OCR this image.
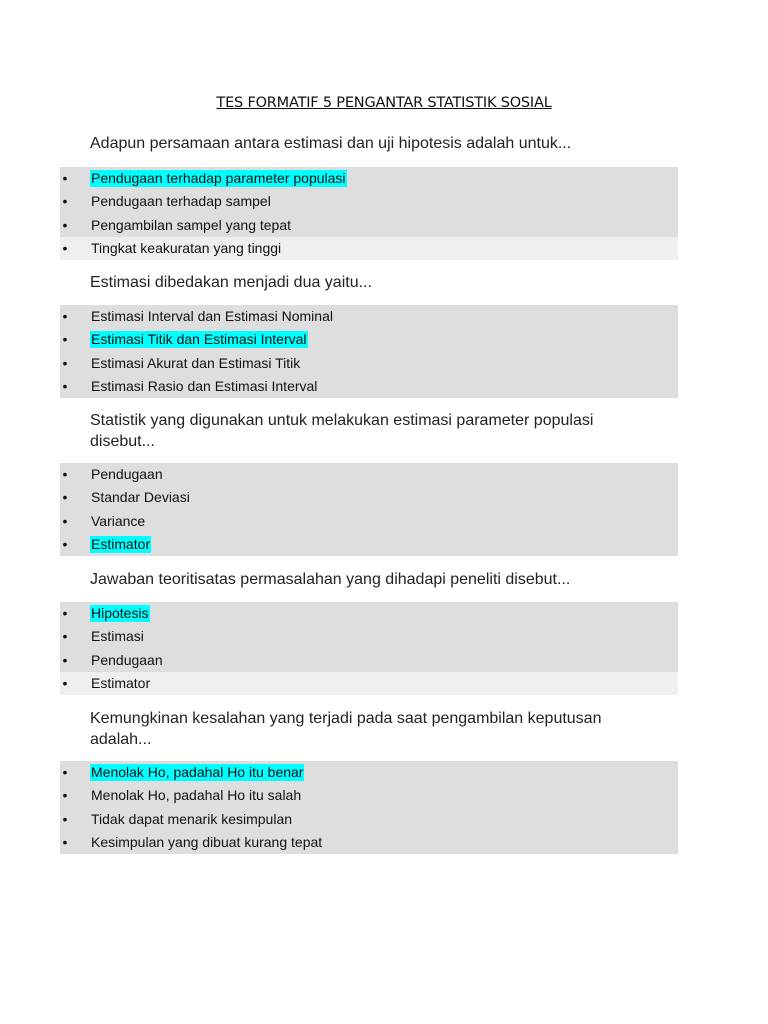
TES FORMATIF 5 PENGANTAR STATISTIK SOSIAL
Adapun persamaan antara estimasi dan uji hipotesis adalah untuk...
• Pendugaan terhadap parameter populasi
• Pendugaan terhadap sampel
• Pengambilan sampel yang tepat
• Tingkat keakuratan yang tinggi
Estimasi dibedakan menjadi dua yaitu...
• Estimasi Interval dan Estimasi Nominal
• Estimasi Titik dan Estimasi Interval
• Estimasi Akurat dan Estimasi Titik
• Estimasi Rasio dan Estimasi Interval
Statistik yang digunakan untuk melakukan estimasi parameter populasi disebut...
• Pendugaan
• Standar Deviasi
• Variance
• Estimator
Jawaban teoritisatas permasalahan yang dihadapi peneliti disebut...
• Hipotesis
• Estimasi
• Pendugaan
• Estimator
Kemungkinan kesalahan yang terjadi pada saat pengambilan keputusan adalah...
• Menolak Ho, padahal Ho itu benar
• Menolak Ho, padahal Ho itu salah
• Tidak dapat menarik kesimpulan
• Kesimpulan yang dibuat kurang tepat
